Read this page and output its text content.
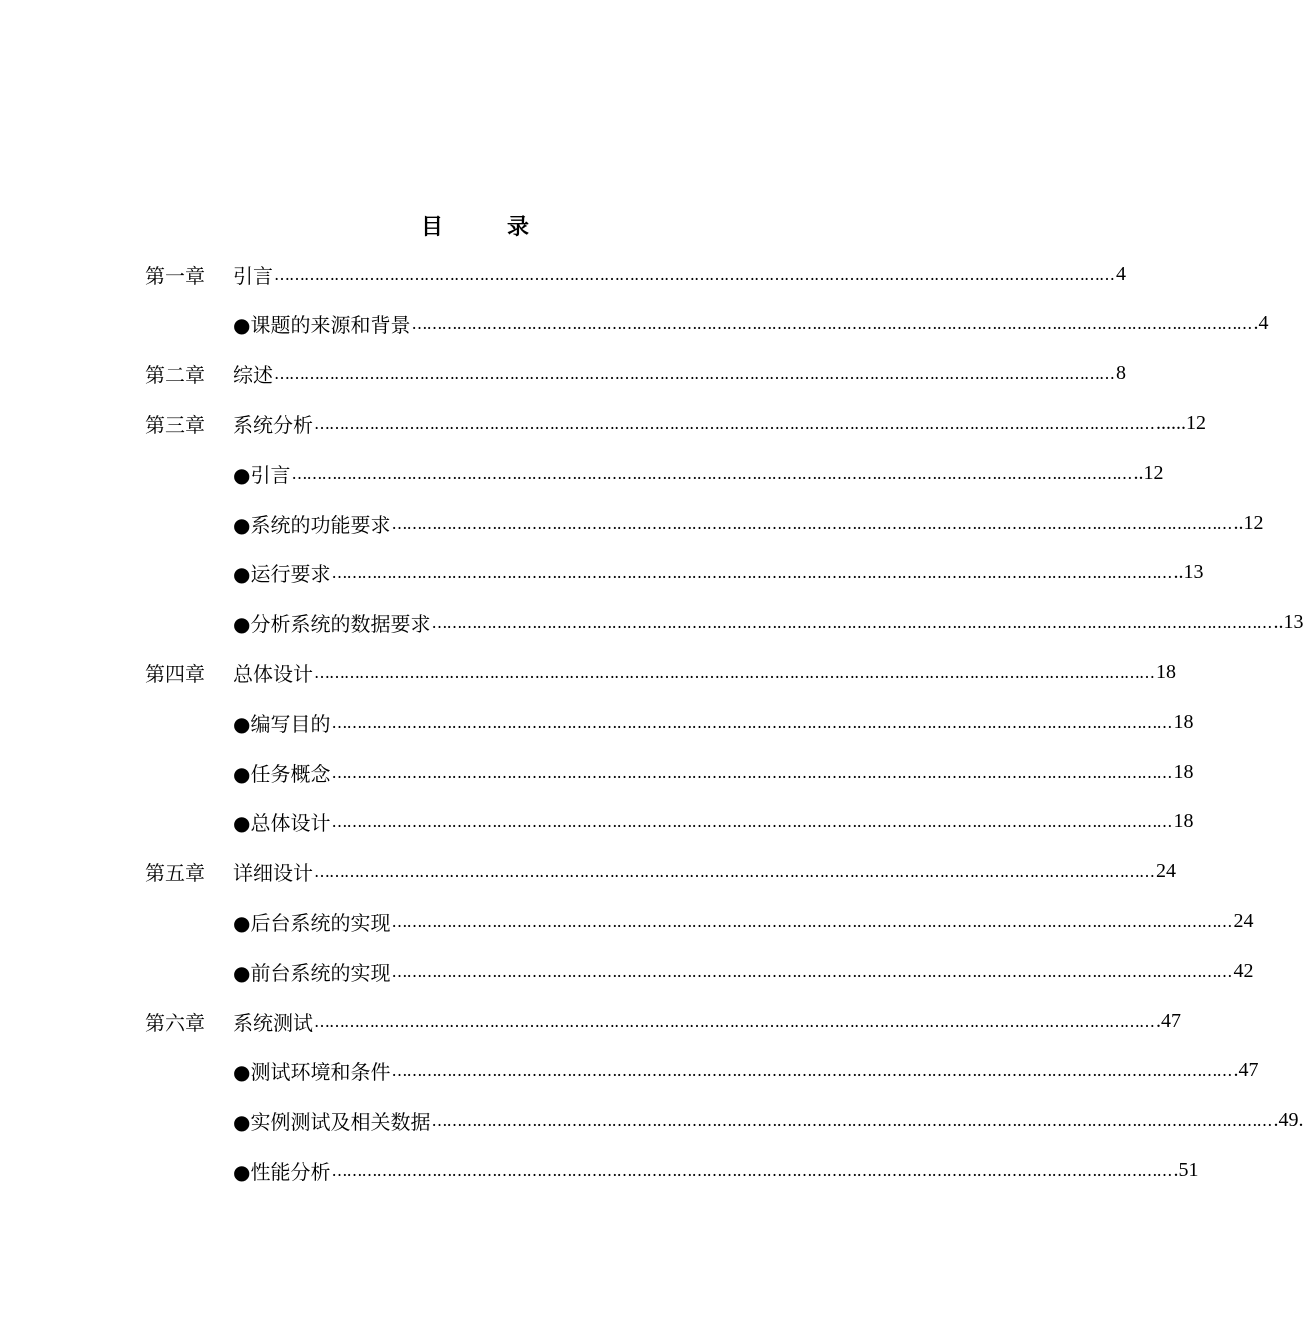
目	录
第一章	引言 …………………………………………………………………………………………………………………………………………………… 4
●课题的来源和背景 …………………………………………………………………………………………………………………………………………………… .4
第二章	综述 …………………………………………………………………………………………………………………………………………………… 8
第三章	系统分析 …………………………………………………………………………………………………………………………………………………… ......12
●引言 …………………………………………………………………………………………………………………………………………………… ..12
●系统的功能要求 …………………………………………………………………………………………………………………………………………………… ..12
●运行要求 …………………………………………………………………………………………………………………………………………………… ..13
●分析系统的数据要求 …………………………………………………………………………………………………………………………………………………… ..13
第四章	总体设计 …………………………………………………………………………………………………………………………………………………… 18
●编写目的 …………………………………………………………………………………………………………………………………………………… 18
●任务概念 …………………………………………………………………………………………………………………………………………………… 18
●总体设计 …………………………………………………………………………………………………………………………………………………… 18
第五章	详细设计 …………………………………………………………………………………………………………………………………………………… 24
●后台系统的实现 …………………………………………………………………………………………………………………………………………………… 24
●前台系统的实现 …………………………………………………………………………………………………………………………………………………… 42
第六章	系统测试 …………………………………………………………………………………………………………………………………………………… .47
●测试环境和条件 …………………………………………………………………………………………………………………………………………………… .47
●实例测试及相关数据 …………………………………………………………………………………………………………………………………………………… .49.
●性能分析 …………………………………………………………………………………………………………………………………………………… .51
